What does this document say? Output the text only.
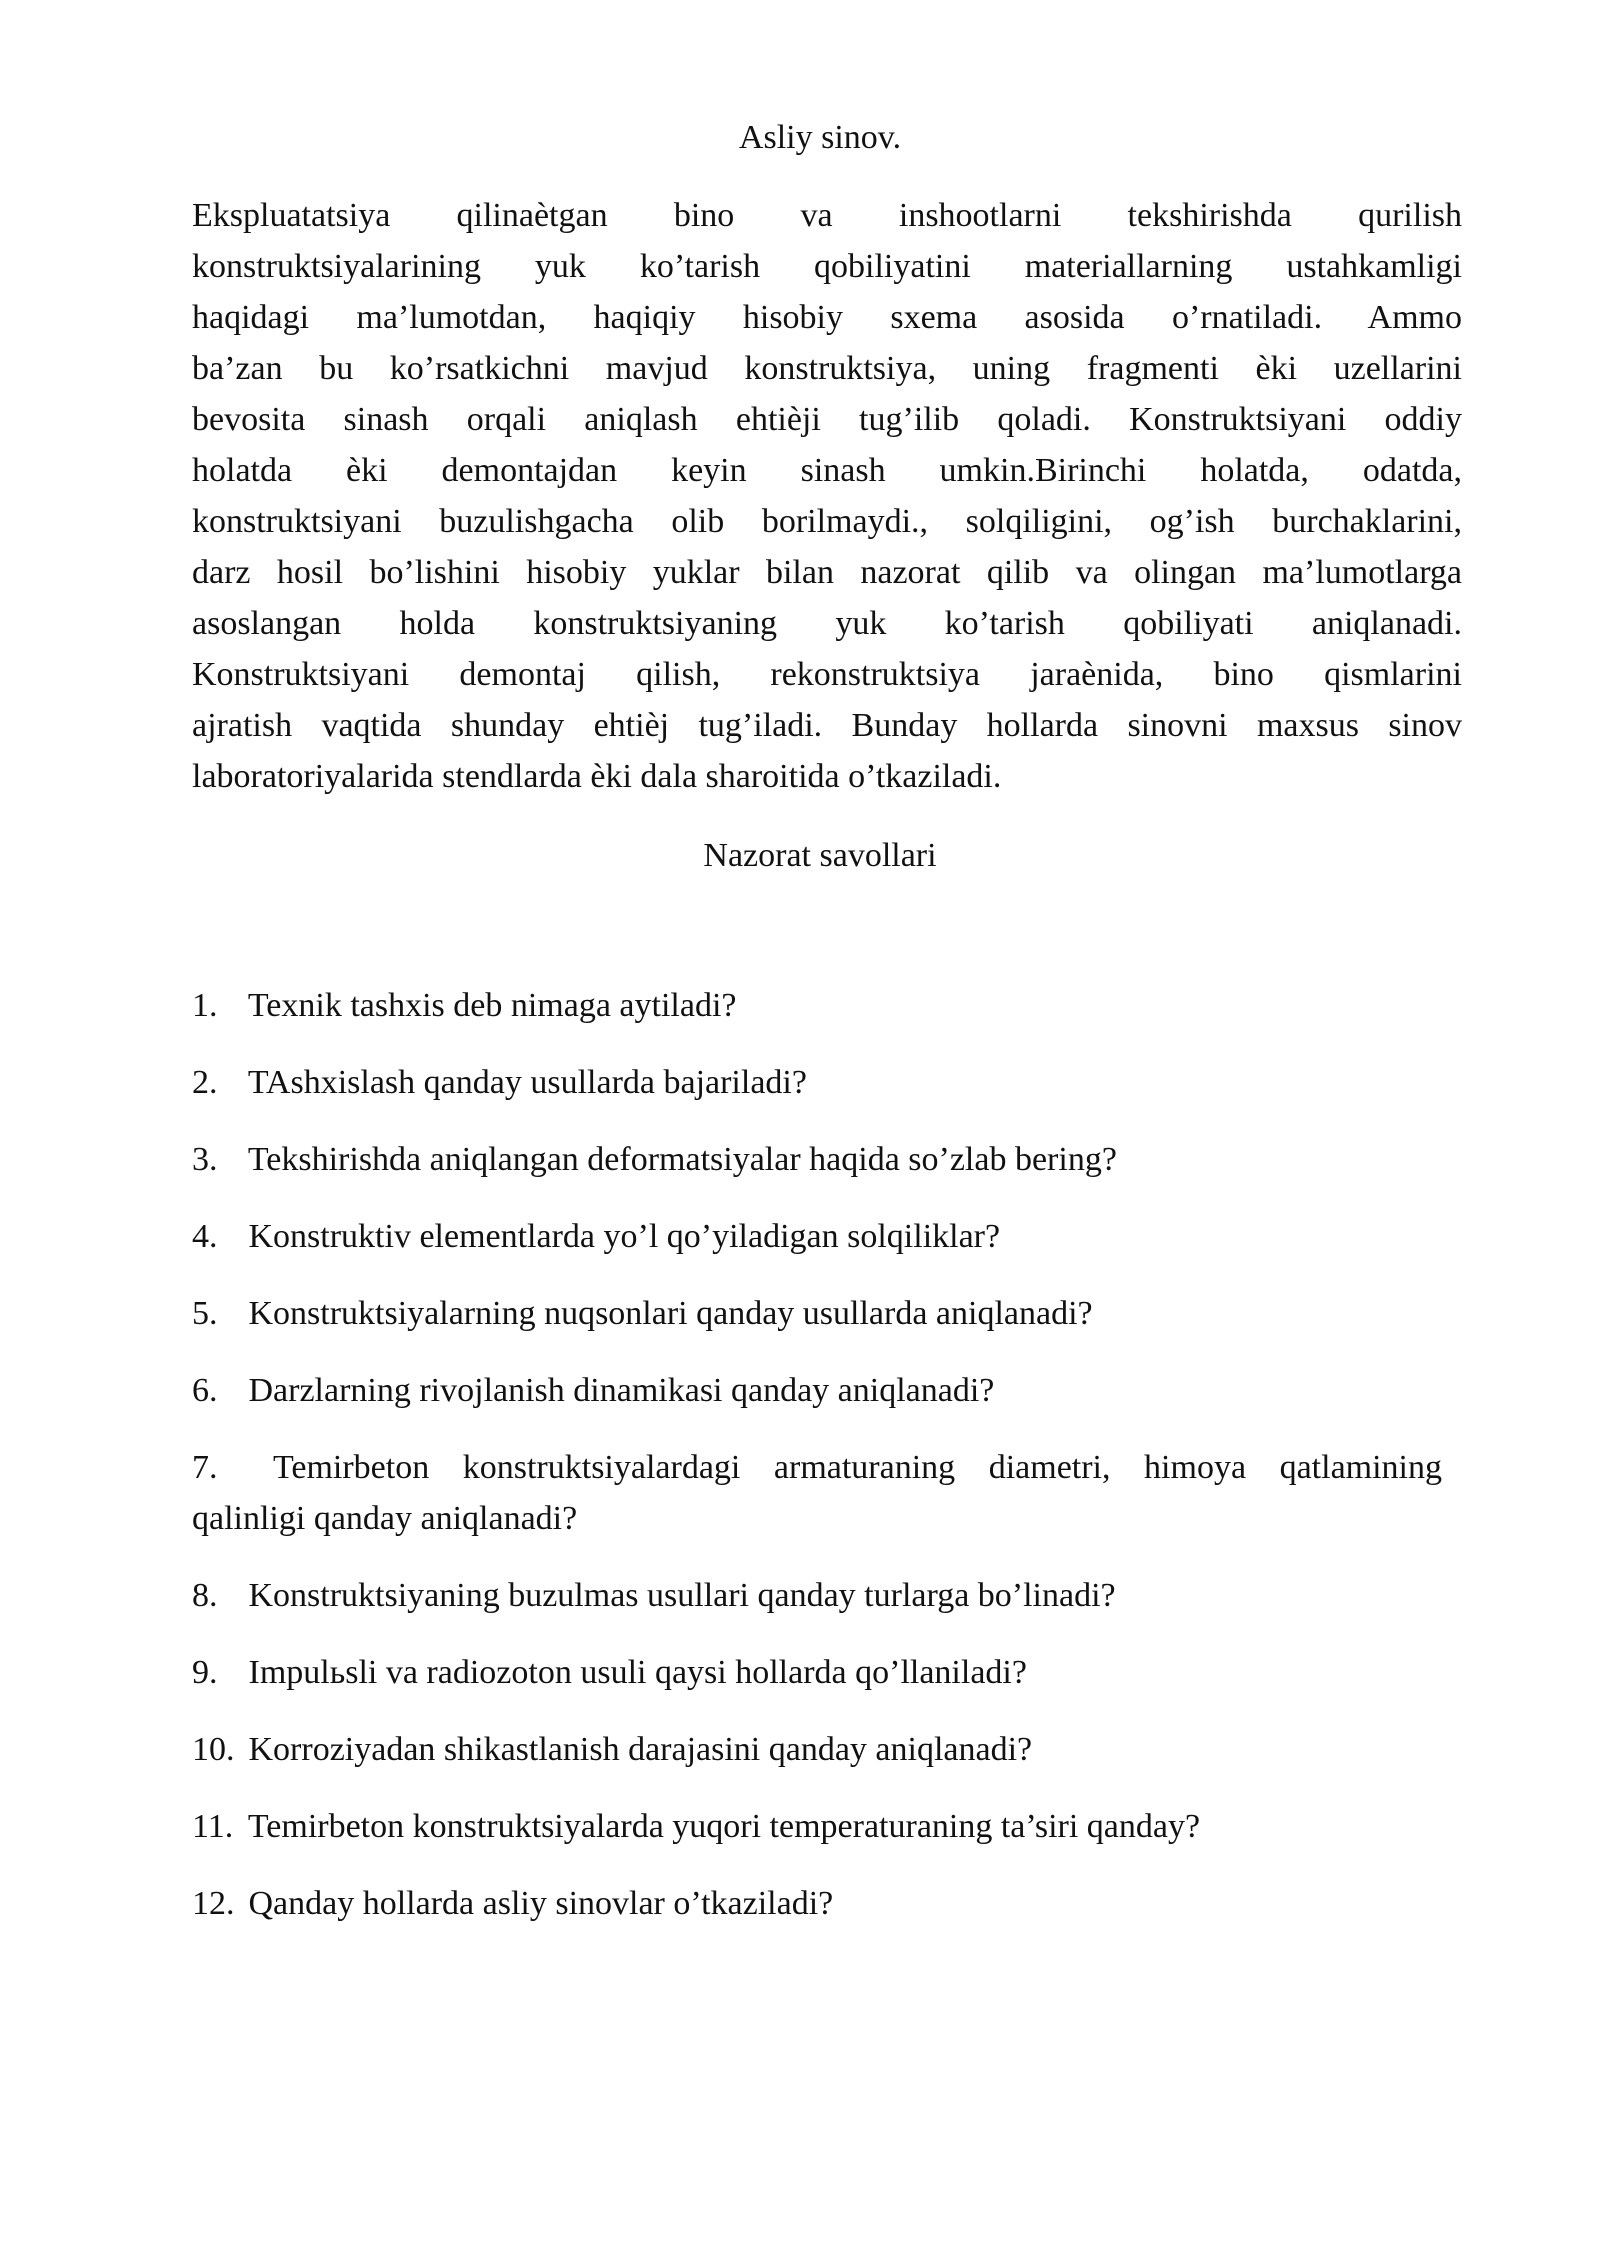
Asliy sinov.
Ekspluatatsiya qilinaѐtgan bino va inshootlarni tekshirishda qurilish
konstruktsiyalarining yuk ko’tarish qobiliyatini materiallarning ustahkamligi
haqidagi ma’lumotdan, haqiqiy hisobiy sxema asosida o’rnatiladi. Ammo
ba’zan bu ko’rsatkichni mavjud konstruktsiya, uning fragmenti ѐki uzellarini
bevosita sinash orqali aniqlash ehtiѐji tug’ilib qoladi. Konstruktsiyani oddiy
holatda ѐki demontajdan keyin sinash umkin.Birinchi holatda, odatda,
konstruktsiyani buzulishgacha olib borilmaydi., solqiligini, og’ish burchaklarini,
darz hosil bo’lishini hisobiy yuklar bilan nazorat qilib va olingan ma’lumotlarga
asoslangan holda konstruktsiyaning yuk ko’tarish qobiliyati aniqlanadi.
Konstruktsiyani demontaj qilish, rekonstruktsiya jaraѐnida, bino qismlarini
ajratish vaqtida shunday ehtiѐj tug’iladi. Bunday hollarda sinovni maxsus sinov
laboratoriyalarida stendlarda ѐki dala sharoitida o’tkaziladi.
Nazorat savollari
1. Texnik tashxis deb nimaga aytiladi?
2. TAshxislash qanday usullarda bajariladi?
3. Tekshirishda aniqlangan deformatsiyalar haqida so’zlab bering?
4. Konstruktiv elementlarda yo’l qo’yiladigan solqiliklar?
5. Konstruktsiyalarning nuqsonlari qanday usullarda aniqlanadi?
6. Darzlarning rivojlanish dinamikasi qanday aniqlanadi?
7. Temirbeton konstruktsiyalardagi armaturaning diametri, himoya qatlamining
qalinligi qanday aniqlanadi?
8. Konstruktsiyaning buzulmas usullari qanday turlarga bo’linadi?
9. Impulьsli va radiozoton usuli qaysi hollarda qo’llaniladi?
10. Korroziyadan shikastlanish darajasini qanday aniqlanadi?
11. Temirbeton konstruktsiyalarda yuqori temperaturaning ta’siri qanday?
12. Qanday hollarda asliy sinovlar o’tkaziladi?
